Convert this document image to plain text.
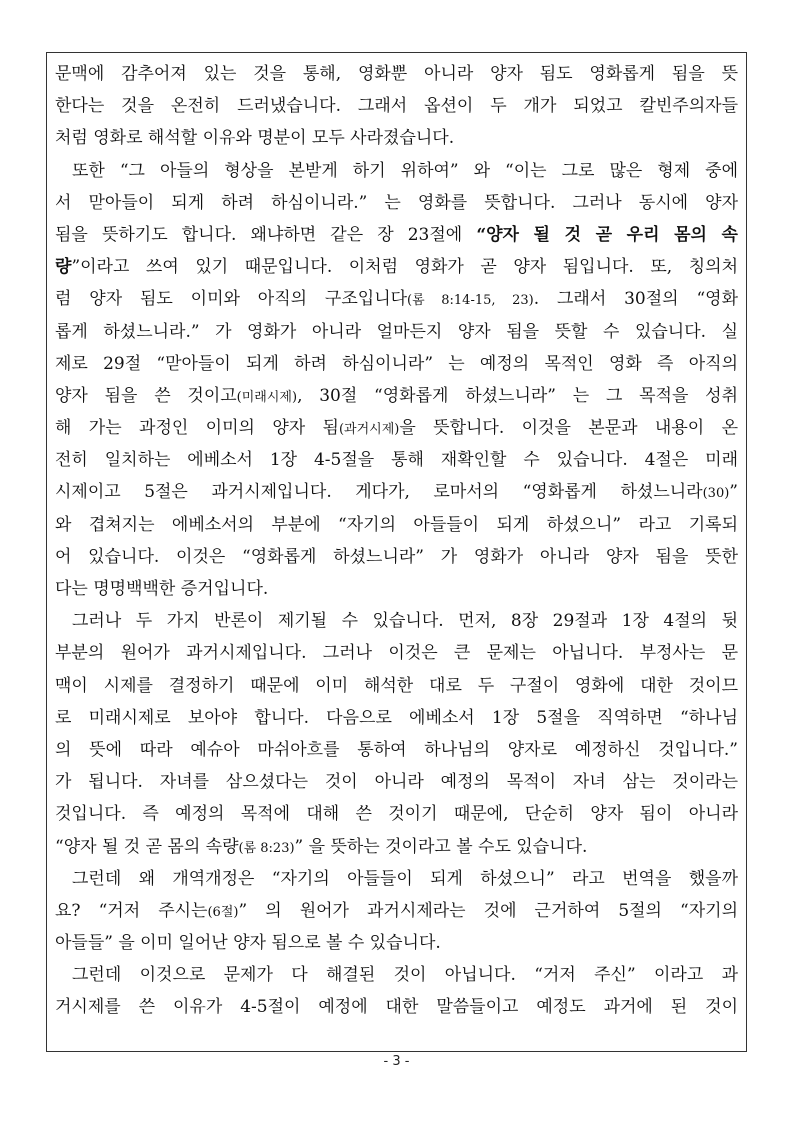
문맥에 감추어져 있는 것을 통해, 영화뿐 아니라 양자 됨도 영화롭게 됨을 뜻
한다는 것을 온전히 드러냈습니다. 그래서 옵션이 두 개가 되었고 칼빈주의자들
처럼 영화로 해석할 이유와 명분이 모두 사라졌습니다.

또한 “그 아들의 형상을 본받게 하기 위하여” 와 “이는 그로 많은 형제 중에
서 맏아들이 되게 하려 하심이니라.” 는 영화를 뜻합니다. 그러나 동시에 양자
됨을 뜻하기도 합니다. 왜냐하면 같은 장 23절에 “양자 될 것 곧 우리 몸의 속
량”이라고 쓰여 있기 때문입니다. 이처럼 영화가 곧 양자 됨입니다. 또, 칭의처
럼 양자 됨도 이미와 아직의 구조입니다(롬 8:14-15, 23). 그래서 30절의 “영화
롭게 하셨느니라.” 가 영화가 아니라 얼마든지 양자 됨을 뜻할 수 있습니다. 실
제로 29절 “맏아들이 되게 하려 하심이니라” 는 예정의 목적인 영화 즉 아직의
양자 됨을 쓴 것이고(미래시제), 30절 “영화롭게 하셨느니라” 는 그 목적을 성취
해 가는 과정인 이미의 양자 됨(과거시제)을 뜻합니다. 이것을 본문과 내용이 온
전히 일치하는 에베소서 1장 4-5절을 통해 재확인할 수 있습니다. 4절은 미래
시제이고 5절은 과거시제입니다. 게다가, 로마서의 “영화롭게 하셨느니라(30)”
와 겹쳐지는 에베소서의 부분에 “자기의 아들들이 되게 하셨으니” 라고 기록되
어 있습니다. 이것은 “영화롭게 하셨느니라” 가 영화가 아니라 양자 됨을 뜻한
다는 명명백백한 증거입니다.

그러나 두 가지 반론이 제기될 수 있습니다. 먼저, 8장 29절과 1장 4절의 뒷
부분의 원어가 과거시제입니다. 그러나 이것은 큰 문제는 아닙니다. 부정사는 문
맥이 시제를 결정하기 때문에 이미 해석한 대로 두 구절이 영화에 대한 것이므
로 미래시제로 보아야 합니다. 다음으로 에베소서 1장 5절을 직역하면 “하나님
의 뜻에 따라 예슈아 마쉬아흐를 통하여 하나님의 양자로 예정하신 것입니다.”
가 됩니다. 자녀를 삼으셨다는 것이 아니라 예정의 목적이 자녀 삼는 것이라는
것입니다. 즉 예정의 목적에 대해 쓴 것이기 때문에, 단순히 양자 됨이 아니라
“양자 될 것 곧 몸의 속량(롬 8:23)” 을 뜻하는 것이라고 볼 수도 있습니다.

그런데 왜 개역개정은 “자기의 아들들이 되게 하셨으니” 라고 번역을 했을까
요? “거저 주시는(6절)” 의 원어가 과거시제라는 것에 근거하여 5절의 “자기의
아들들” 을 이미 일어난 양자 됨으로 볼 수 있습니다.

그런데 이것으로 문제가 다 해결된 것이 아닙니다. “거저 주신” 이라고 과
거시제를 쓴 이유가 4-5절이 예정에 대한 말씀들이고 예정도 과거에 된 것이

- 3 -
